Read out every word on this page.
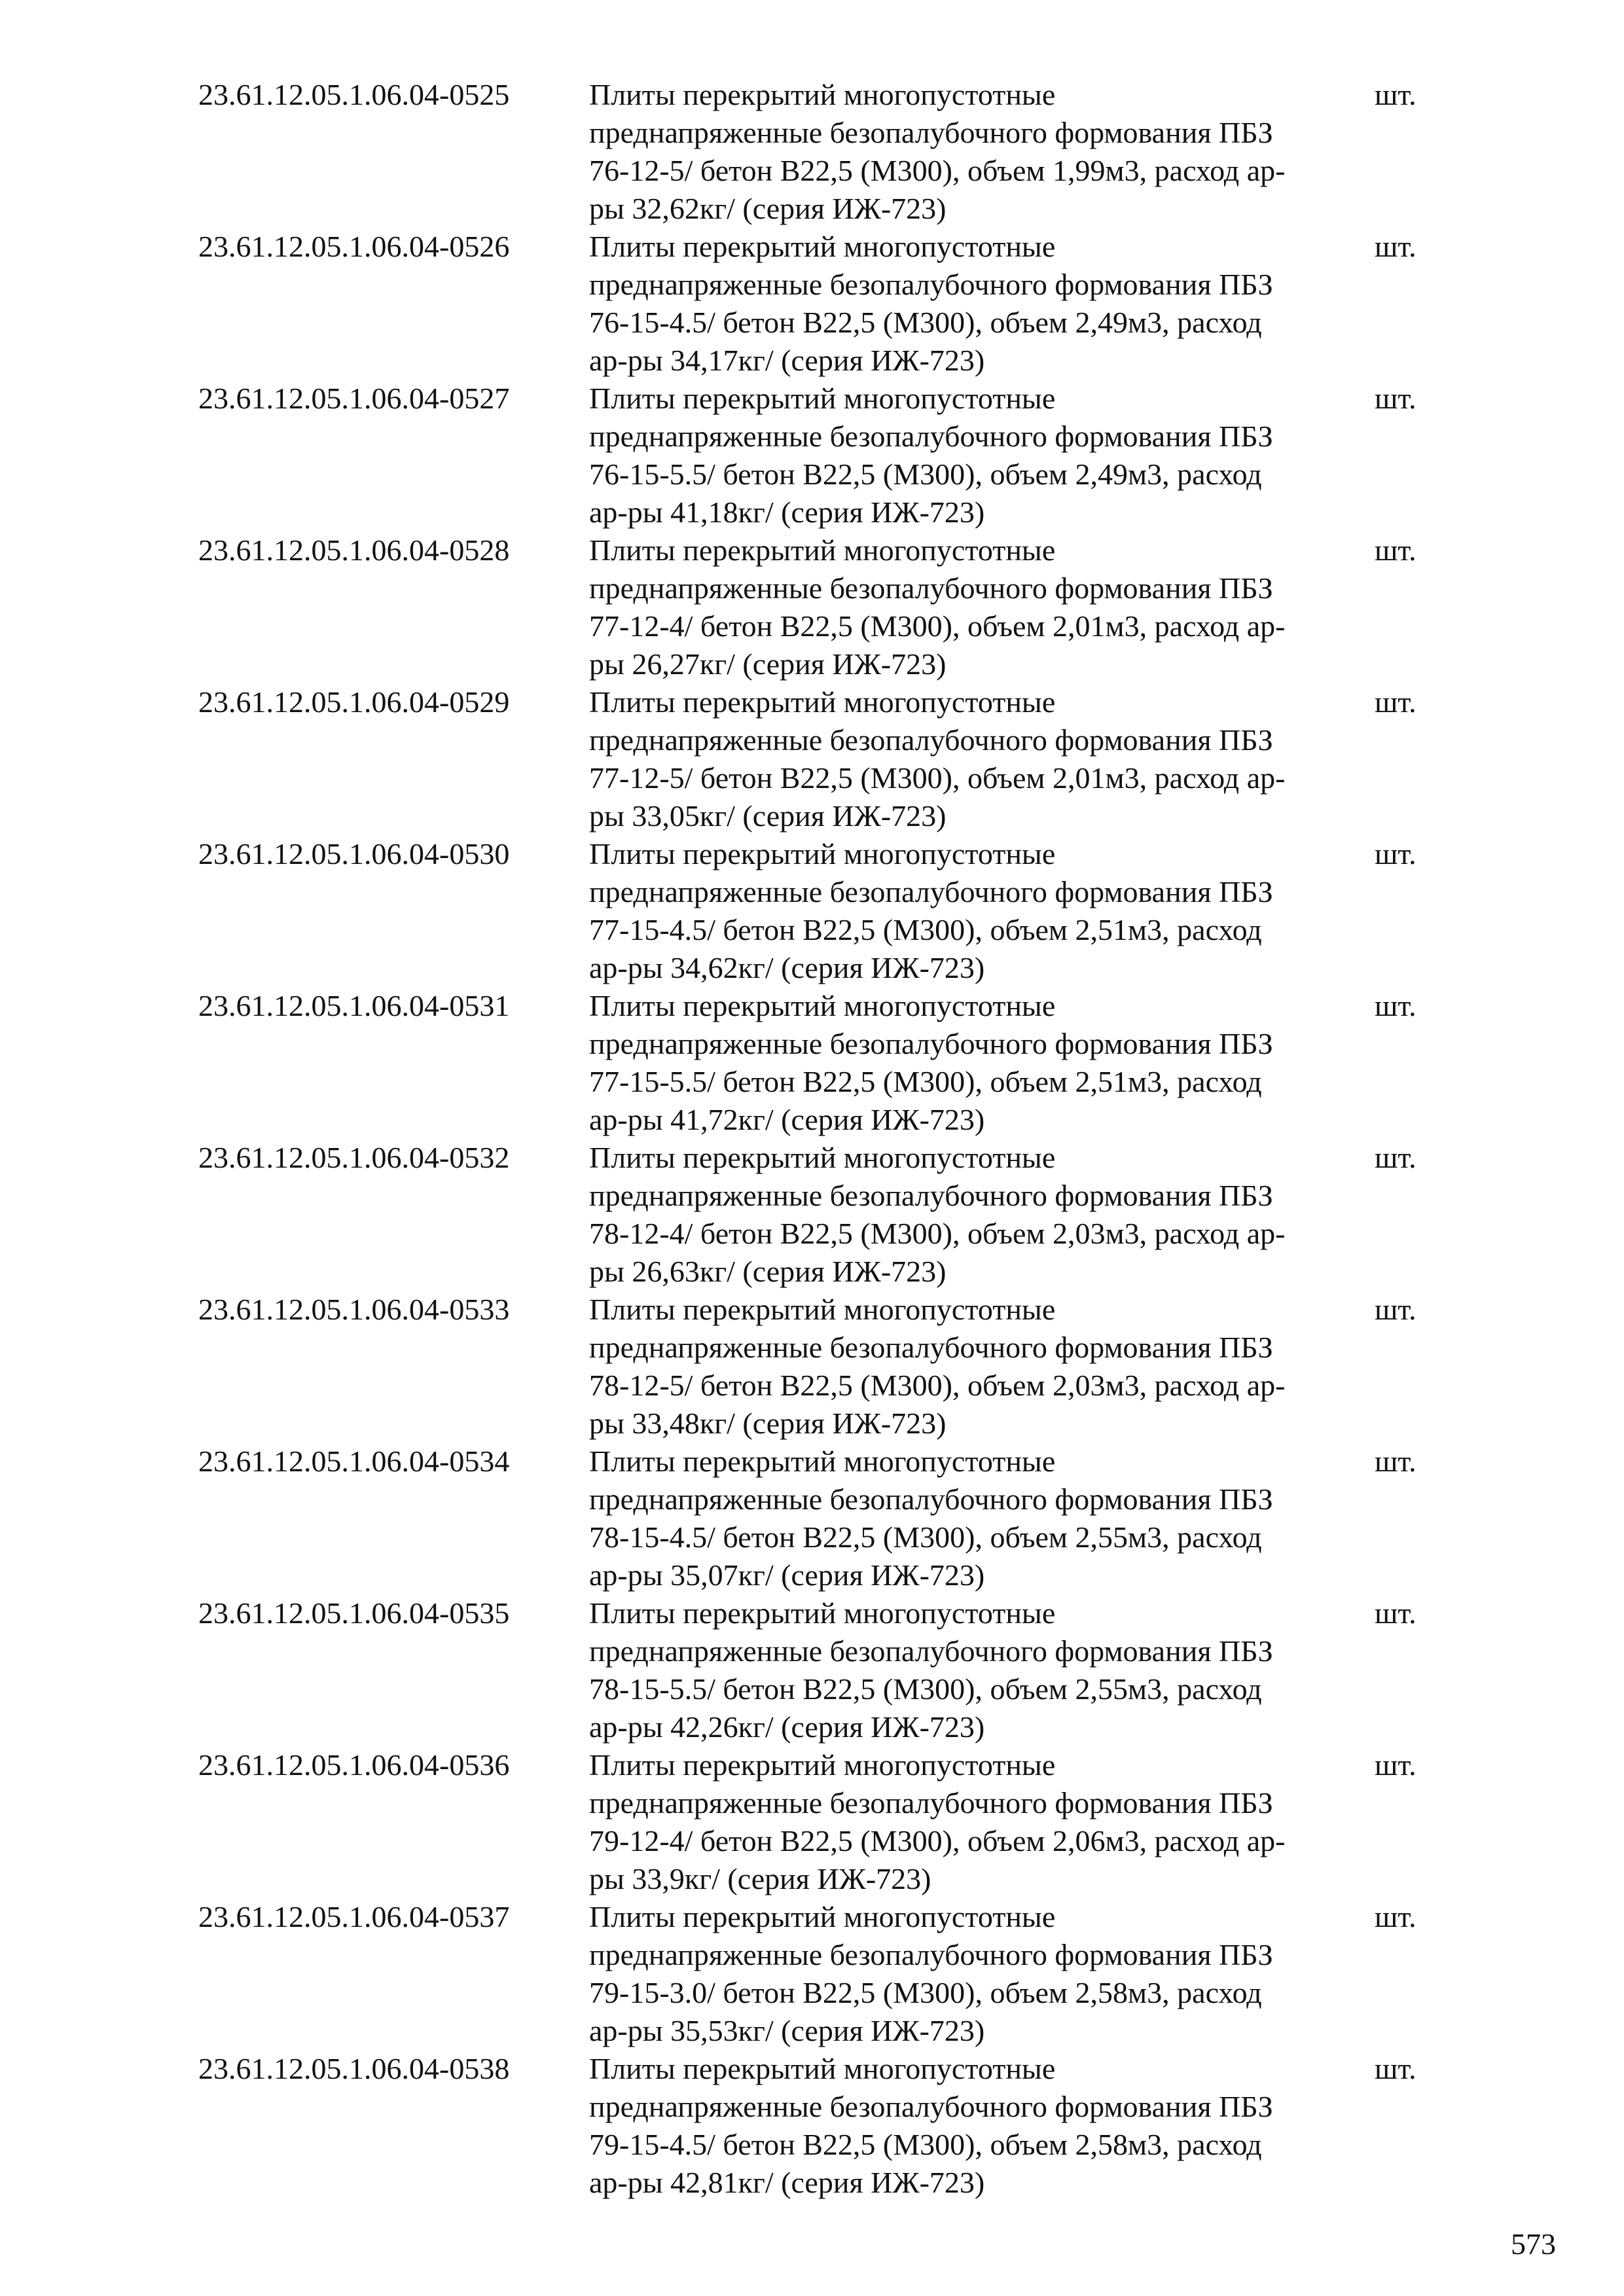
23.61.12.05.1.06.04-0525	Плиты перекрытий многопустотные
преднапряженные безопалубочного формования ПБЗ
76-12-5/ бетон В22,5 (М300), объем 1,99м3, расход ар-
ры 32,62кг/ (серия ИЖ-723)
шт.
23.61.12.05.1.06.04-0526	Плиты перекрытий многопустотные
преднапряженные безопалубочного формования ПБЗ
76-15-4.5/ бетон В22,5 (М300), объем 2,49м3, расход
ар-ры 34,17кг/ (серия ИЖ-723)
шт.
23.61.12.05.1.06.04-0527	Плиты перекрытий многопустотные
преднапряженные безопалубочного формования ПБЗ
76-15-5.5/ бетон В22,5 (М300), объем 2,49м3, расход
ар-ры 41,18кг/ (серия ИЖ-723)
шт.
23.61.12.05.1.06.04-0528	Плиты перекрытий многопустотные
преднапряженные безопалубочного формования ПБЗ
77-12-4/ бетон В22,5 (М300), объем 2,01м3, расход ар-
ры 26,27кг/ (серия ИЖ-723)
шт.
23.61.12.05.1.06.04-0529	Плиты перекрытий многопустотные
преднапряженные безопалубочного формования ПБЗ
77-12-5/ бетон В22,5 (М300), объем 2,01м3, расход ар-
ры 33,05кг/ (серия ИЖ-723)
шт.
23.61.12.05.1.06.04-0530	Плиты перекрытий многопустотные
преднапряженные безопалубочного формования ПБЗ
77-15-4.5/ бетон В22,5 (М300), объем 2,51м3, расход
ар-ры 34,62кг/ (серия ИЖ-723)
шт.
23.61.12.05.1.06.04-0531	Плиты перекрытий многопустотные
преднапряженные безопалубочного формования ПБЗ
77-15-5.5/ бетон В22,5 (М300), объем 2,51м3, расход
ар-ры 41,72кг/ (серия ИЖ-723)
шт.
23.61.12.05.1.06.04-0532	Плиты перекрытий многопустотные
преднапряженные безопалубочного формования ПБЗ
78-12-4/ бетон В22,5 (М300), объем 2,03м3, расход ар-
ры 26,63кг/ (серия ИЖ-723)
шт.
23.61.12.05.1.06.04-0533	Плиты перекрытий многопустотные
преднапряженные безопалубочного формования ПБЗ
78-12-5/ бетон В22,5 (М300), объем 2,03м3, расход ар-
ры 33,48кг/ (серия ИЖ-723)
шт.
23.61.12.05.1.06.04-0534	Плиты перекрытий многопустотные
преднапряженные безопалубочного формования ПБЗ
78-15-4.5/ бетон В22,5 (М300), объем 2,55м3, расход
ар-ры 35,07кг/ (серия ИЖ-723)
шт.
23.61.12.05.1.06.04-0535	Плиты перекрытий многопустотные
преднапряженные безопалубочного формования ПБЗ
78-15-5.5/ бетон В22,5 (М300), объем 2,55м3, расход
ар-ры 42,26кг/ (серия ИЖ-723)
шт.
23.61.12.05.1.06.04-0536	Плиты перекрытий многопустотные
преднапряженные безопалубочного формования ПБЗ
79-12-4/ бетон В22,5 (М300), объем 2,06м3, расход ар-
ры 33,9кг/ (серия ИЖ-723)
шт.
23.61.12.05.1.06.04-0537	Плиты перекрытий многопустотные
преднапряженные безопалубочного формования ПБЗ
79-15-3.0/ бетон В22,5 (М300), объем 2,58м3, расход
ар-ры 35,53кг/ (серия ИЖ-723)
шт.
23.61.12.05.1.06.04-0538	Плиты перекрытий многопустотные
преднапряженные безопалубочного формования ПБЗ
79-15-4.5/ бетон В22,5 (М300), объем 2,58м3, расход
ар-ры 42,81кг/ (серия ИЖ-723)
шт.
573
